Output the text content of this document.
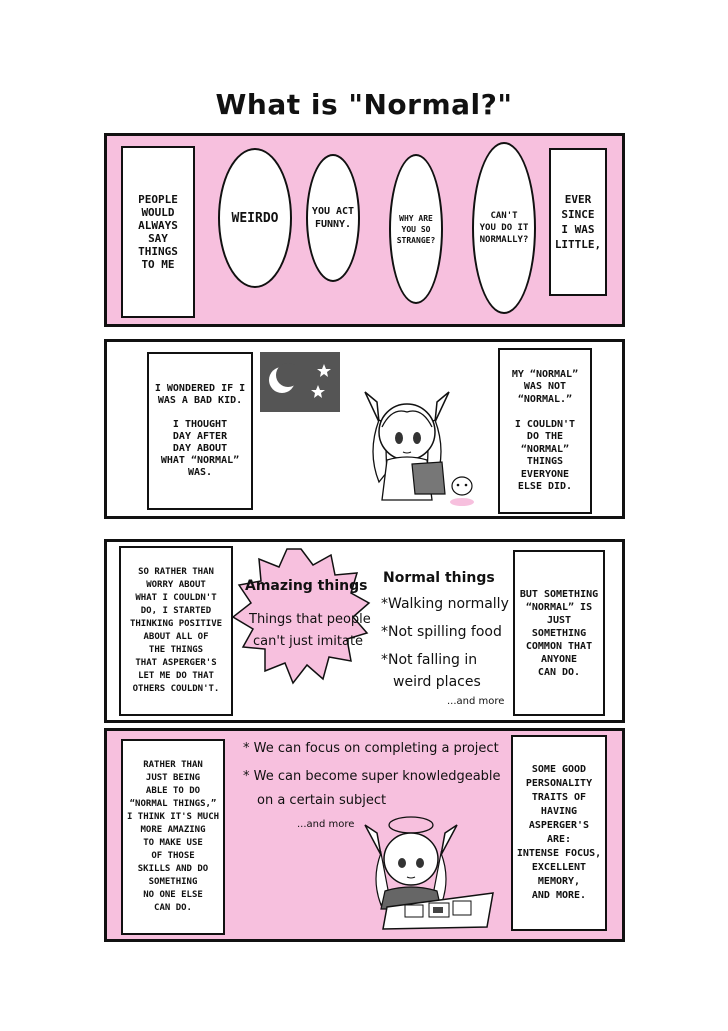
What is "Normal?"
PEOPLE
WOULD
ALWAYS
SAY
THINGS
TO ME
WEIRDO	YOU ACT
FUNNY.
WHY ARE
YOU SO
STRANGE?
CAN'T
YOU DO IT
NORMALLY?
EVER
SINCE
I WAS
LITTLE,
I WONDERED IF I
WAS A BAD KID.

I THOUGHT
DAY AFTER
DAY ABOUT
WHAT “NORMAL”
WAS.
MY “NORMAL”
WAS NOT
“NORMAL.”

I COULDN'T
DO THE
“NORMAL”
THINGS
EVERYONE
ELSE DID.
SO RATHER THAN
WORRY ABOUT
WHAT I COULDN'T
DO, I STARTED
THINKING POSITIVE
ABOUT ALL OF
THE THINGS
THAT ASPERGER'S
LET ME DO THAT
OTHERS COULDN'T.
Amazing things
Things that people
can't just imitate
Normal things
*Walking normally
*Not spilling food
*Not falling in
weird places
...and more
BUT SOMETHING
“NORMAL” IS
JUST SOMETHING
COMMON THAT
ANYONE
CAN DO.
RATHER THAN
JUST BEING
ABLE TO DO
“NORMAL THINGS,”
I THINK IT'S MUCH
MORE AMAZING
TO MAKE USE
OF THOSE
SKILLS AND DO
SOMETHING
NO ONE ELSE
CAN DO.
* We can focus on completing a project
* We can become super knowledgeable
on a certain subject
...and more
SOME GOOD
PERSONALITY
TRAITS OF
HAVING
ASPERGER'S
ARE:
INTENSE FOCUS,
EXCELLENT
MEMORY,
AND MORE.
